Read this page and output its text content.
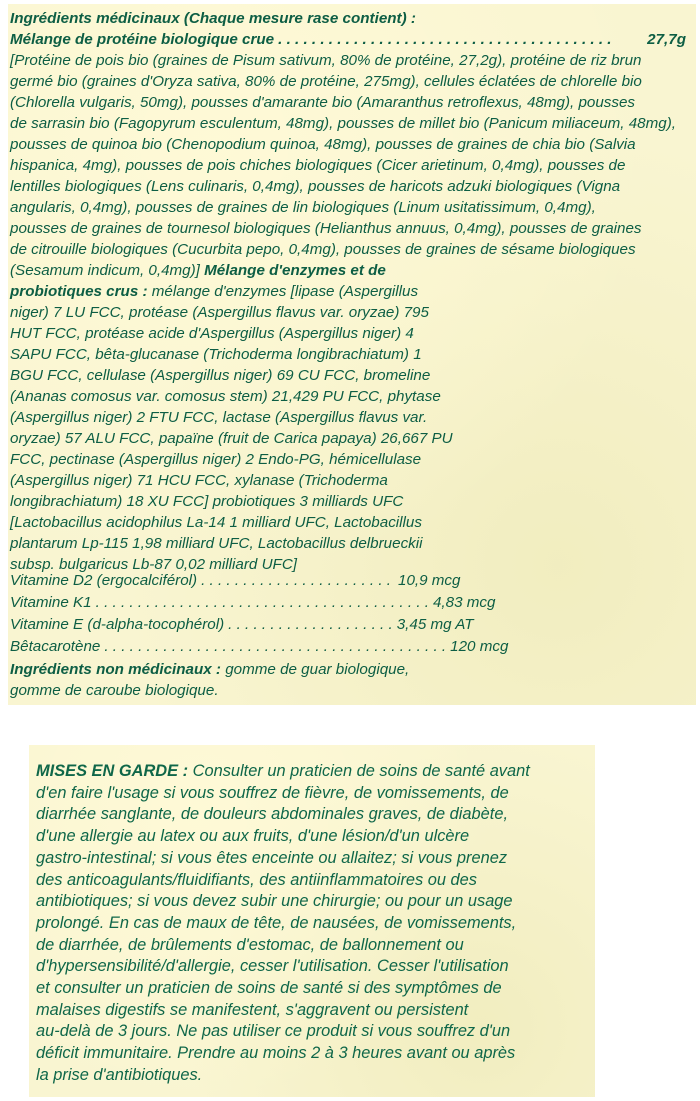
Ingrédients médicinaux (Chaque mesure rase contient) :
Mélange de protéine biologique crue . . . . . . . . . . . . . . . . . . . . . . . . . . . . . . . . . . . . . . . .	27,7g
[Protéine de pois bio (graines de Pisum sativum, 80% de protéine, 27,2g), protéine de riz brun
germé bio (graines d'Oryza sativa, 80% de protéine, 275mg), cellules éclatées de chlorelle bio
(Chlorella vulgaris, 50mg), pousses d'amarante bio (Amaranthus retroflexus, 48mg), pousses
de sarrasin bio (Fagopyrum esculentum, 48mg), pousses de millet bio (Panicum miliaceum, 48mg),
pousses de quinoa bio (Chenopodium quinoa, 48mg), pousses de graines de chia bio (Salvia
hispanica, 4mg), pousses de pois chiches biologiques (Cicer arietinum, 0,4mg), pousses de
lentilles biologiques (Lens culinaris, 0,4mg), pousses de haricots adzuki biologiques (Vigna
angularis, 0,4mg), pousses de graines de lin biologiques (Linum usitatissimum, 0,4mg),
pousses de graines de tournesol biologiques (Helianthus annuus, 0,4mg), pousses de graines
de citrouille biologiques (Cucurbita pepo, 0,4mg), pousses de graines de sésame biologiques
(Sesamum indicum, 0,4mg)] Mélange d'enzymes et de
probiotiques crus : mélange d'enzymes [lipase (Aspergillus
niger) 7 LU FCC, protéase (Aspergillus flavus var. oryzae) 795
HUT FCC, protéase acide d'Aspergillus (Aspergillus niger) 4
SAPU FCC, bêta-glucanase (Trichoderma longibrachiatum) 1
BGU FCC, cellulase (Aspergillus niger) 69 CU FCC, bromeline
(Ananas comosus var. comosus stem) 21,429 PU FCC, phytase
(Aspergillus niger) 2 FTU FCC, lactase (Aspergillus flavus var.
oryzae) 57 ALU FCC, papaïne (fruit de Carica papaya) 26,667 PU
FCC, pectinase (Aspergillus niger) 2 Endo-PG, hémicellulase
(Aspergillus niger) 71 HCU FCC, xylanase (Trichoderma
longibrachiatum) 18 XU FCC] probiotiques 3 milliards UFC
[Lactobacillus acidophilus La-14 1 milliard UFC, Lactobacillus
plantarum Lp-115 1,98 milliard UFC, Lactobacillus delbrueckii
subsp. bulgaricus Lb-87 0,02 milliard UFC]
Vitamine D2 (ergocalciférol) . . . . . . . . . . . . . . . . . . . . . . . 10,9 mcg
Vitamine K1 . . . . . . . . . . . . . . . . . . . . . . . . . . . . . . . . . . . . . . . . 4,83 mcg
Vitamine E (d-alpha-tocophérol) . . . . . . . . . . . . . . . . . . . . 3,45 mg AT
Bêtacarotène . . . . . . . . . . . . . . . . . . . . . . . . . . . . . . . . . . . . . . . . . 120 mcg
Ingrédients non médicinaux : gomme de guar biologique,
gomme de caroube biologique.
MISES EN GARDE : Consulter un praticien de soins de santé avant
d'en faire l'usage si vous souffrez de fièvre, de vomissements, de
diarrhée sanglante, de douleurs abdominales graves, de diabète,
d'une allergie au latex ou aux fruits, d'une lésion/d'un ulcère
gastro-intestinal; si vous êtes enceinte ou allaitez; si vous prenez
des anticoagulants/fluidifiants, des antiinflammatoires ou des
antibiotiques; si vous devez subir une chirurgie; ou pour un usage
prolongé. En cas de maux de tête, de nausées, de vomissements,
de diarrhée, de brûlements d'estomac, de ballonnement ou
d'hypersensibilité/d'allergie, cesser l'utilisation. Cesser l'utilisation
et consulter un praticien de soins de santé si des symptômes de
malaises digestifs se manifestent, s'aggravent ou persistent
au-delà de 3 jours. Ne pas utiliser ce produit si vous souffrez d'un
déficit immunitaire. Prendre au moins 2 à 3 heures avant ou après
la prise d'antibiotiques.
